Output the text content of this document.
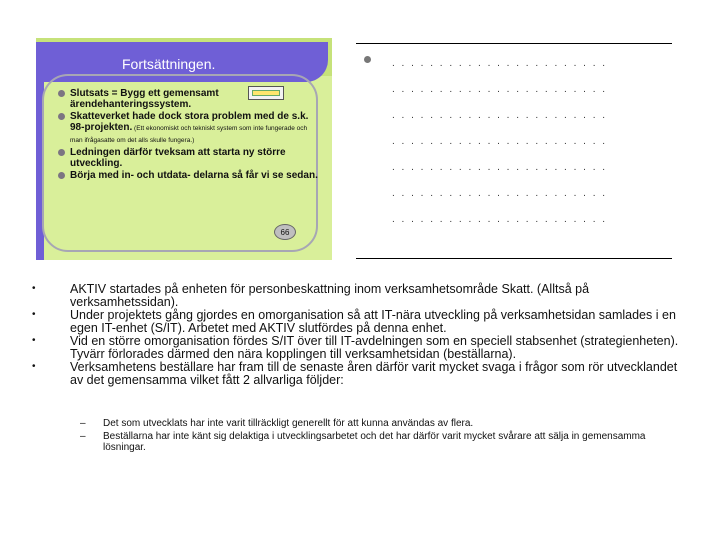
Fortsättningen.
Slutsats = Bygg ett gemensamt ärendehanteringssystem.
Skatteverket hade dock stora problem med de s.k. 98-projekten. (Ett ekonomiskt och tekniskt system som inte fungerade och man ifrågasatte om det alls skulle fungera.)
Ledningen därför tveksam att starta ny större utveckling.
Börja med in- och utdata- delarna så får vi se sedan.
66
. . . . . . . . . . . . . . . . . . . . . . .
. . . . . . . . . . . . . . . . . . . . . . .
. . . . . . . . . . . . . . . . . . . . . . .
. . . . . . . . . . . . . . . . . . . . . . .
. . . . . . . . . . . . . . . . . . . . . . .
. . . . . . . . . . . . . . . . . . . . . . .
. . . . . . . . . . . . . . . . . . . . . . .
•	AKTIV startades på enheten för personbeskattning inom verksamhetsområde Skatt. (Alltså på verksamhetssidan).
•	Under projektets gång gjordes en omorganisation så att IT-nära utveckling på verksamhetsidan samlades i en egen IT-enhet (S/IT). Arbetet med AKTIV slutfördes på denna enhet.
•	Vid en större omorganisation fördes S/IT över till IT-avdelningen som en speciell stabsenhet (strategienheten). Tyvärr förlorades därmed den nära kopplingen till verksamhetsidan (beställarna).
•	Verksamhetens beställare har fram till de senaste åren därför varit mycket svaga i frågor som rör utvecklandet av det gemensamma vilket fått 2 allvarliga följder:
– Det som utvecklats har inte varit tillräckligt generellt för att kunna användas av flera.
– Beställarna har inte känt sig delaktiga i utvecklingsarbetet och det har därför varit mycket svårare att sälja in gemensamma lösningar.
